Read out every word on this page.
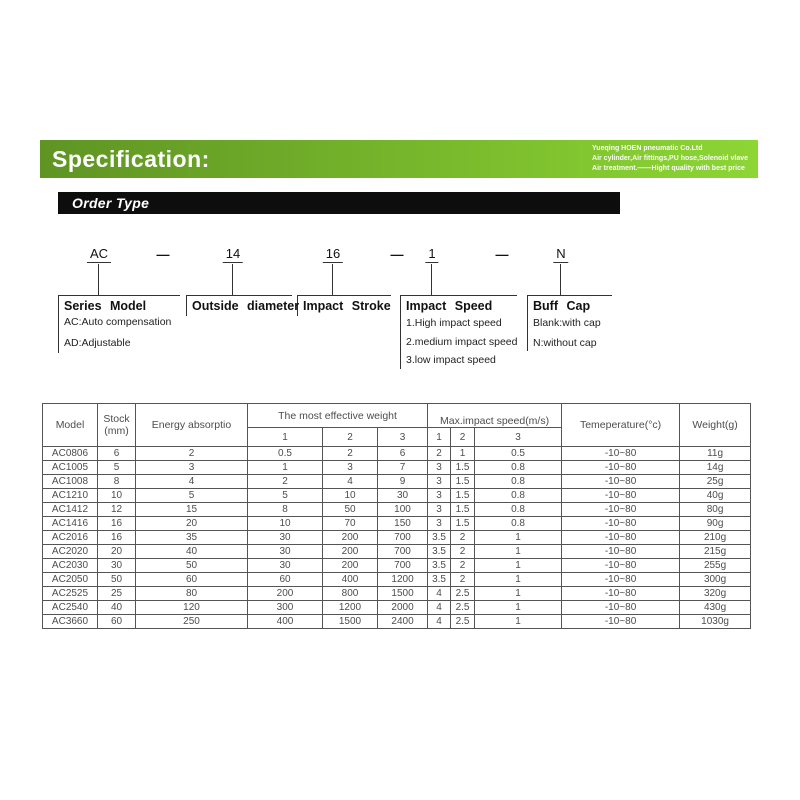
Specification:	Yueqing HOEN pneumatic Co.Ltd
Air cylinder,Air fittings,PU hose,Solenoid vlave
Air treatment.——Hight quality with best price
Order Type
AC	—	14	16	— 1	—	N
Series Model
AC:Auto compensation
AD:Adjustable
Outside diameter Impact Stroke Impact Speed
1.High impact speed
2.medium impact speed
3.low impact speed
Buff Cap
Blank:with cap
N:without cap
Model	Stock (mm)	Energy absorptio	The most effective weight			Max.impact speed(m/s)			Temeperature(°c)	Weight(g)
			1	2	3	1	2	3		
AC0806	6	2	0.5	2	6	2	1	0.5	-10~80	11g
AC1005	5	3	1	3	7	3	1.5	0.8	-10~80	14g
AC1008	8	4	2	4	9	3	1.5	0.8	-10~80	25g
AC1210	10	5	5	10	30	3	1.5	0.8	-10~80	40g
AC1412	12	15	8	50	100	3	1.5	0.8	-10~80	80g
AC1416	16	20	10	70	150	3	1.5	0.8	-10~80	90g
AC2016	16	35	30	200	700	3.5	2	1	-10~80	210g
AC2020	20	40	30	200	700	3.5	2	1	-10~80	215g
AC2030	30	50	30	200	700	3.5	2	1	-10~80	255g
AC2050	50	60	60	400	1200	3.5	2	1	-10~80	300g
AC2525	25	80	200	800	1500	4	2.5	1	-10~80	320g
AC2540	40	120	300	1200	2000	4	2.5	1	-10~80	430g
AC3660	60	250	400	1500	2400	4	2.5	1	-10~80	1030g
